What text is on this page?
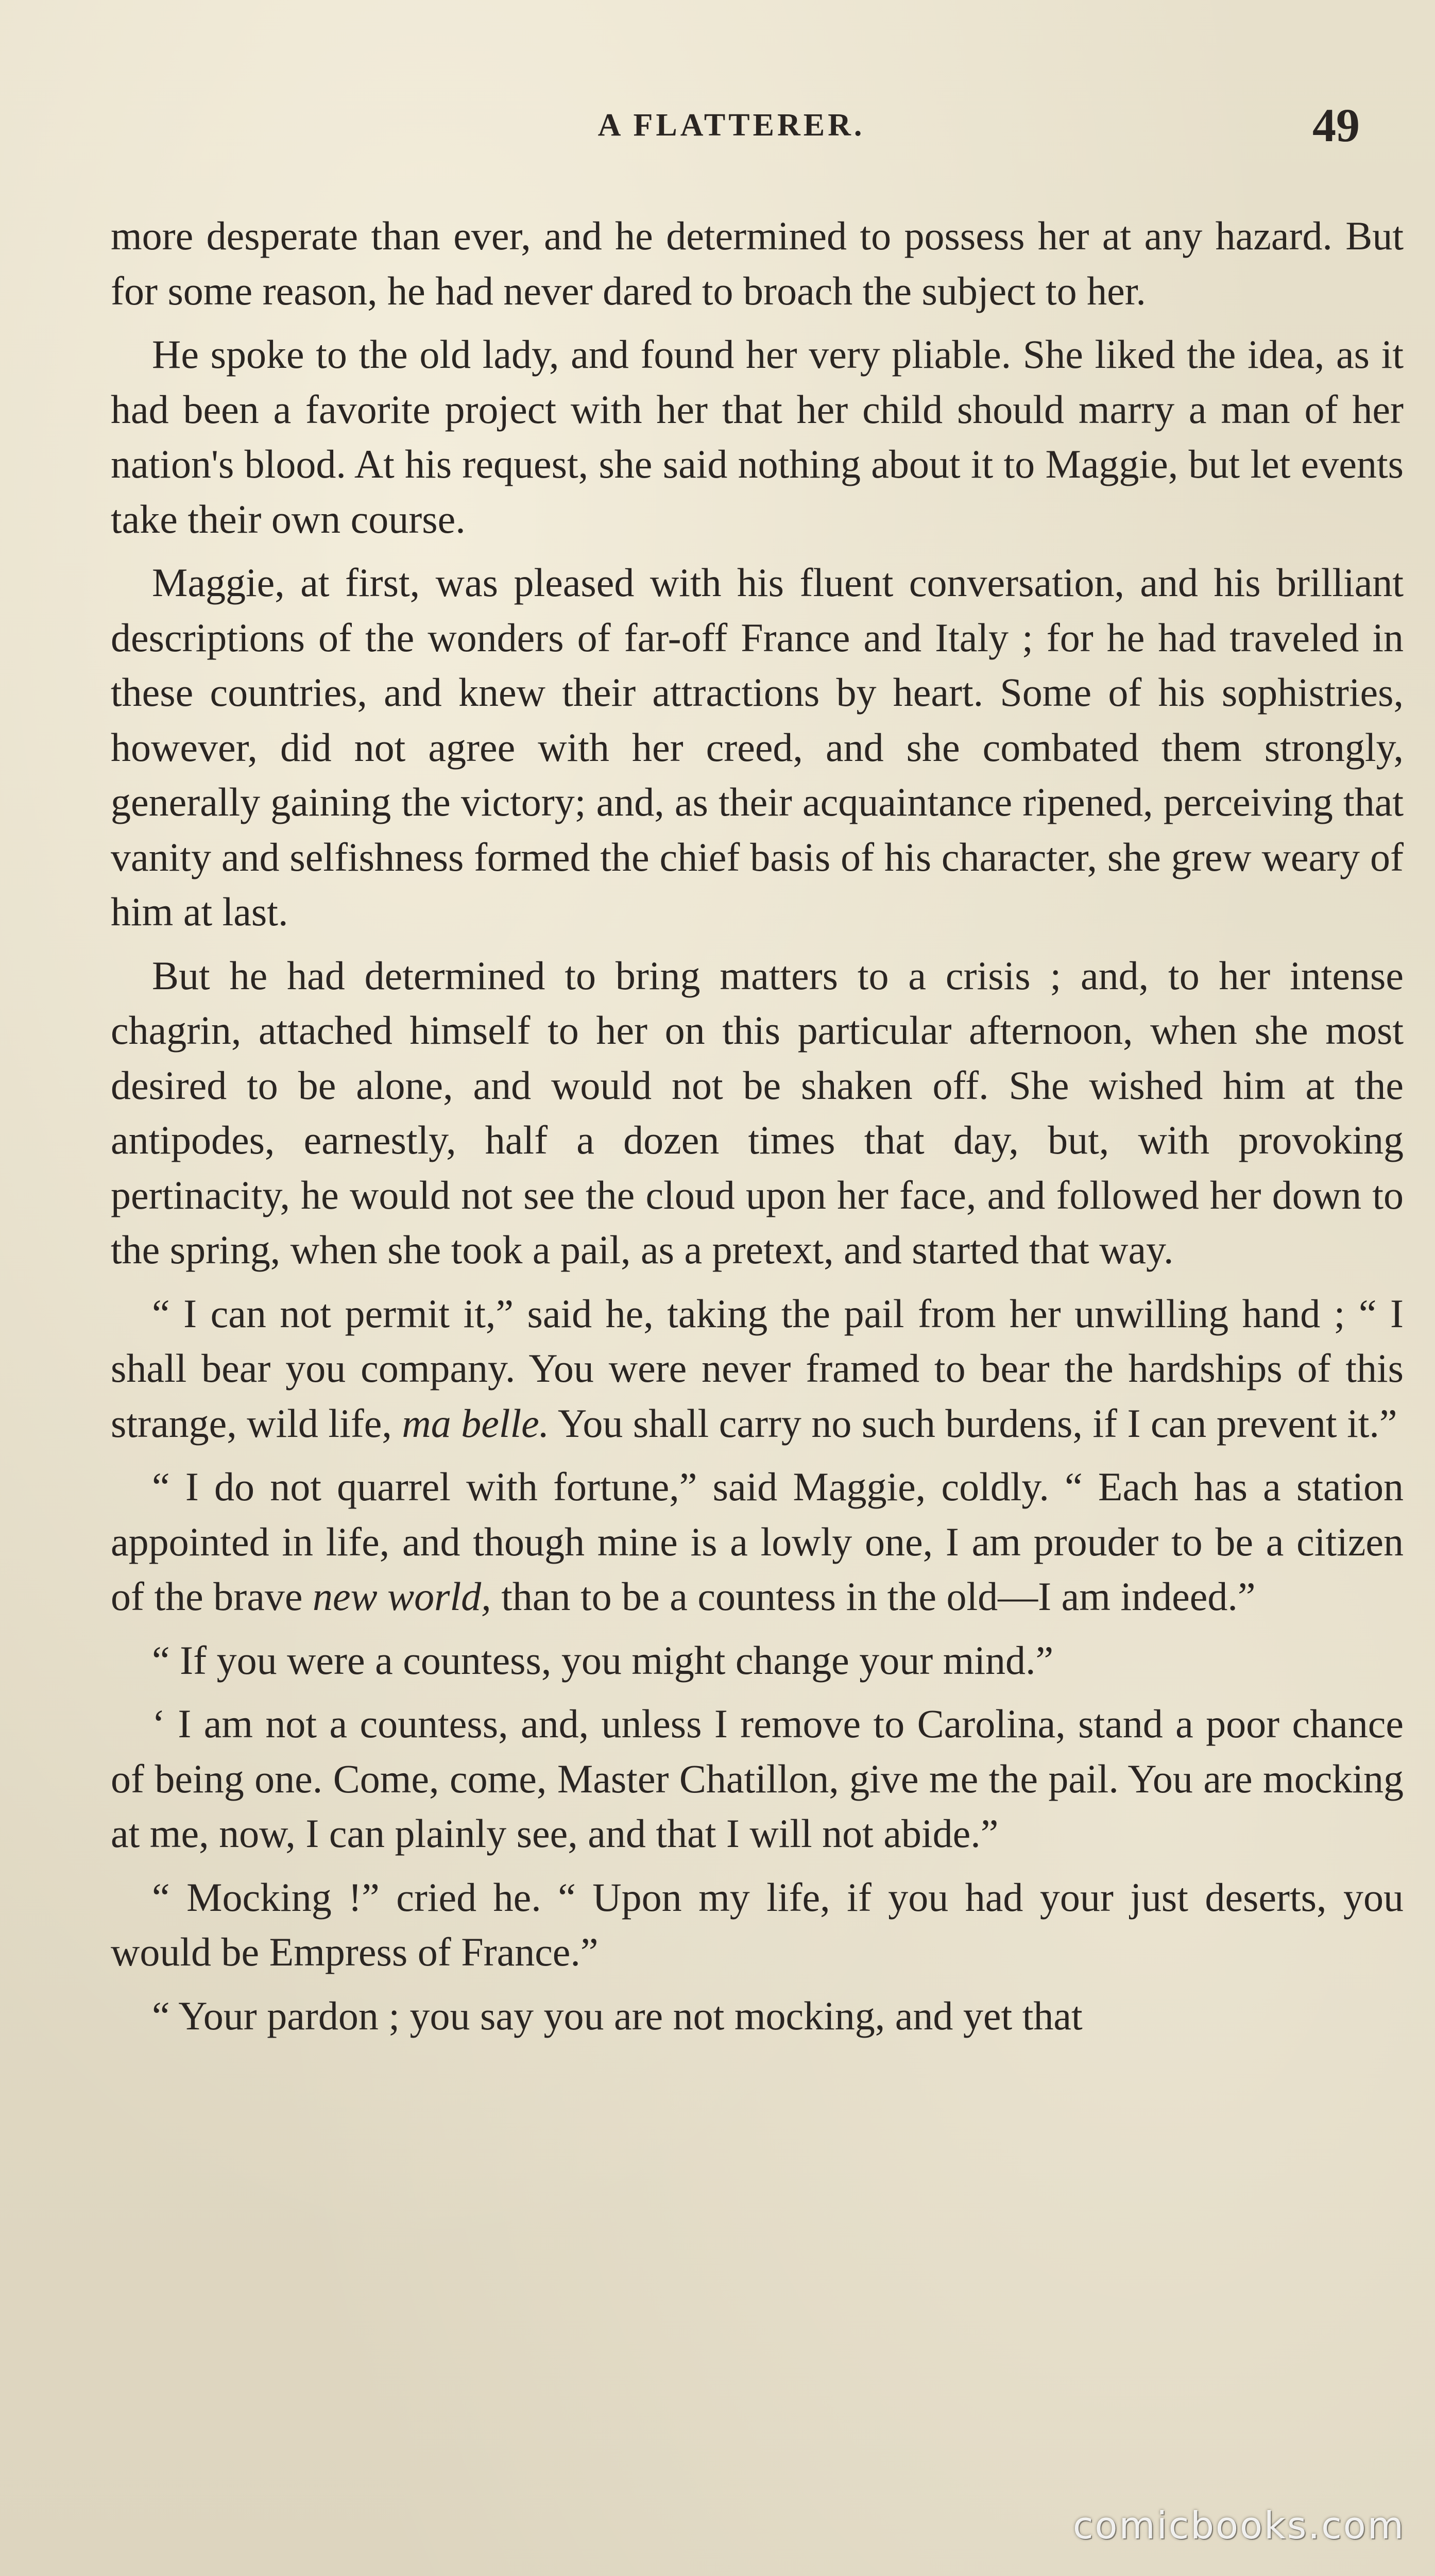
A FLATTERER.	49

more desperate than ever, and he determined to possess her at any hazard. But for some reason, he had never dared to broach the subject to her.

He spoke to the old lady, and found her very pliable. She liked the idea, as it had been a favorite project with her that her child should marry a man of her nation's blood. At his request, she said nothing about it to Maggie, but let events take their own course.

Maggie, at first, was pleased with his fluent conversation, and his brilliant descriptions of the wonders of far-off France and Italy ; for he had traveled in these countries, and knew their attractions by heart. Some of his sophistries, however, did not agree with her creed, and she combated them strongly, generally gaining the victory; and, as their acquaintance ripened, perceiving that vanity and selfishness formed the chief basis of his character, she grew weary of him at last.

But he had determined to bring matters to a crisis ; and, to her intense chagrin, attached himself to her on this particular afternoon, when she most desired to be alone, and would not be shaken off. She wished him at the antipodes, earnestly, half a dozen times that day, but, with provoking pertinacity, he would not see the cloud upon her face, and followed her down to the spring, when she took a pail, as a pretext, and started that way.

“ I can not permit it,” said he, taking the pail from her unwilling hand ; “ I shall bear you company. You were never framed to bear the hardships of this strange, wild life, ma belle. You shall carry no such burdens, if I can prevent it.”

“ I do not quarrel with fortune,” said Maggie, coldly. “ Each has a station appointed in life, and though mine is a lowly one, I am prouder to be a citizen of the brave new world, than to be a countess in the old—I am indeed.”

“ If you were a countess, you might change your mind.”

‘ I am not a countess, and, unless I remove to Carolina, stand a poor chance of being one. Come, come, Master Chatillon, give me the pail. You are mocking at me, now, I can plainly see, and that I will not abide.”

“ Mocking !” cried he. “ Upon my life, if you had your just deserts, you would be Empress of France.”

“ Your pardon ; you say you are not mocking, and yet that

comicbooks.com
